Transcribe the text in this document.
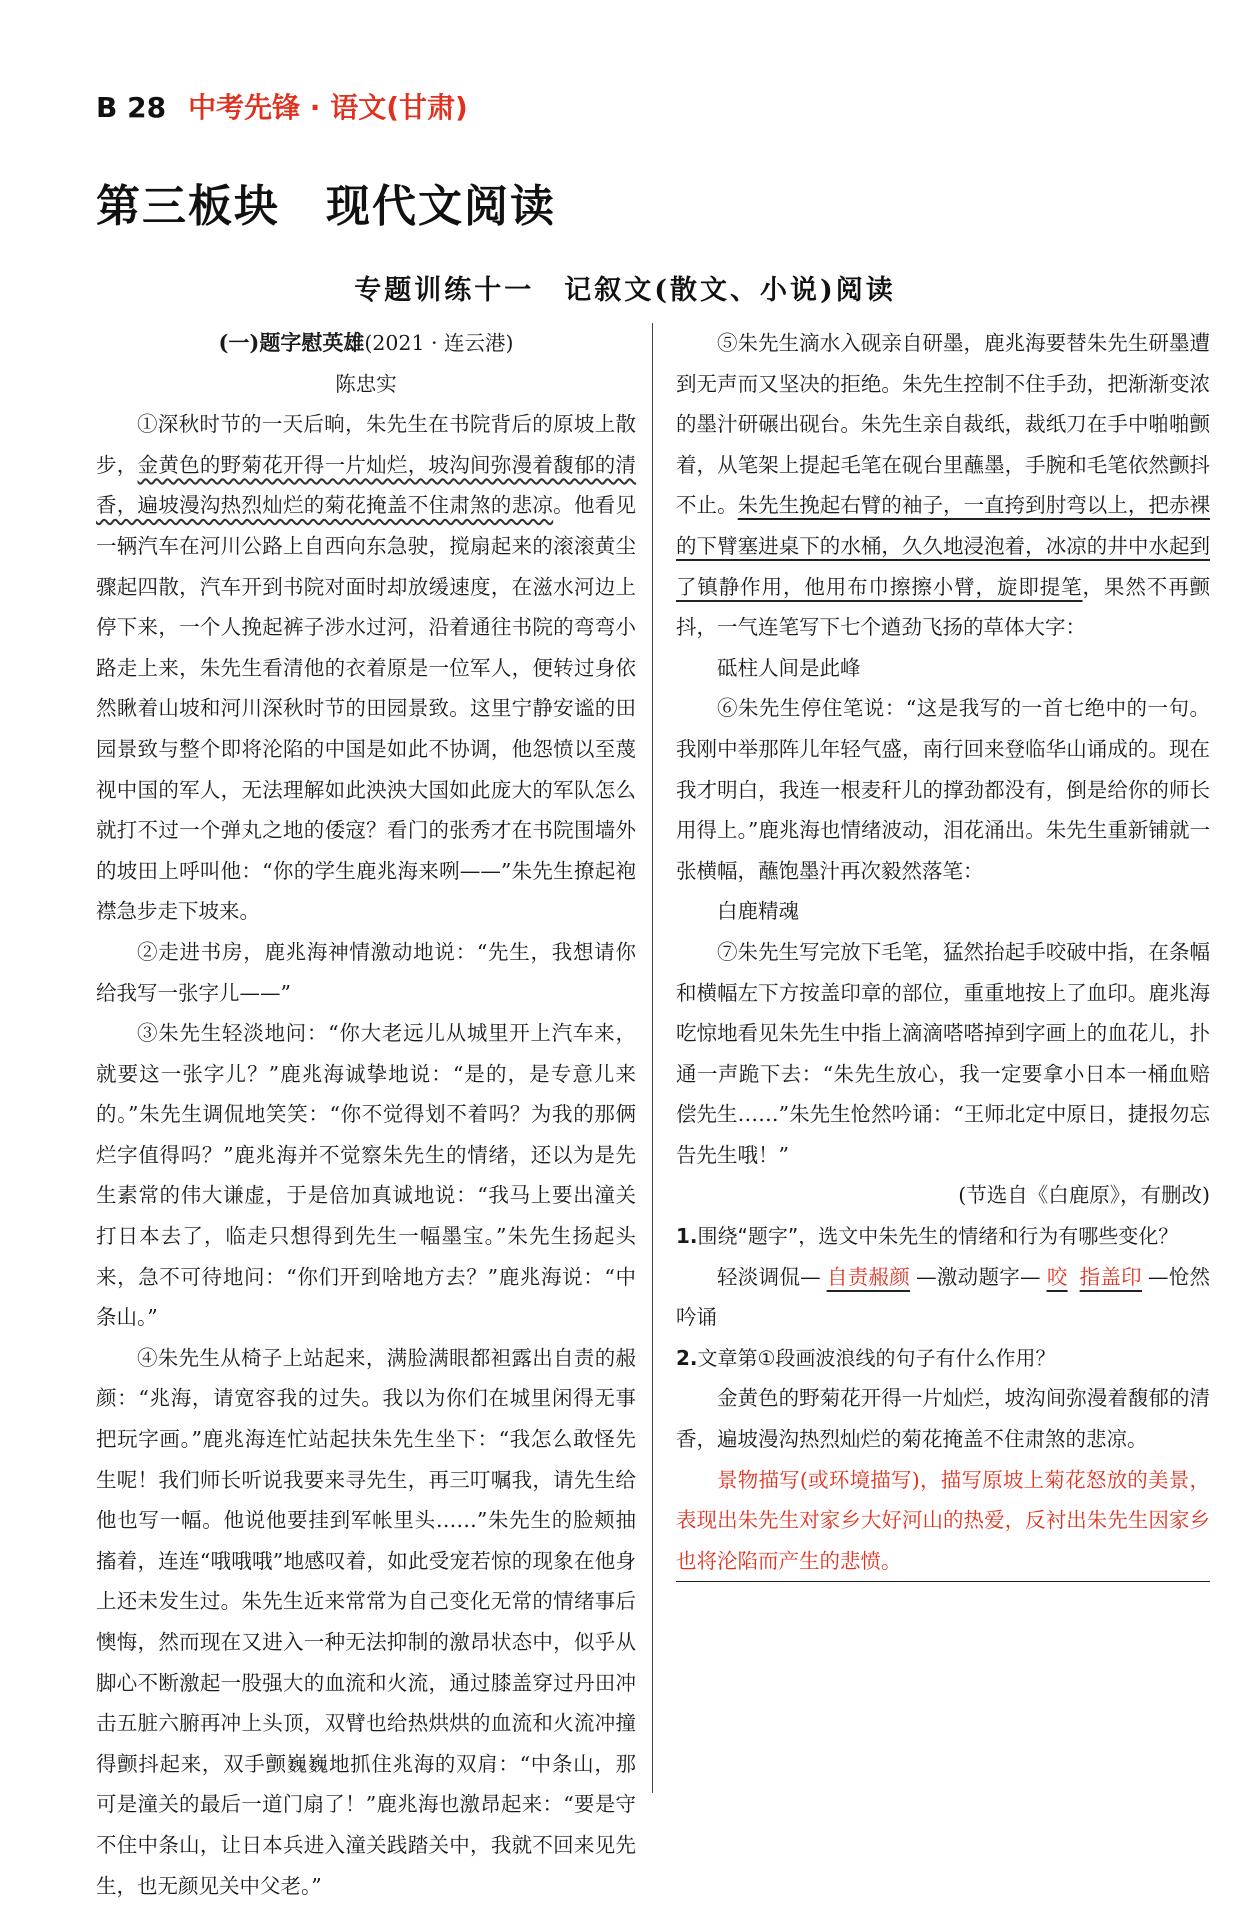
B 28 中考先锋 · 语文(甘肃)
第三板块　现代文阅读
专题训练十一　记叙文(散文、小说)阅读

(一)题字慰英雄(2021 · 连云港)

陈忠实

①深秋时节的一天后晌，朱先生在书院背后的原坡上散步，金黄色的野菊花开得一片灿烂，坡沟间弥漫着馥郁的清香，遍坡漫沟热烈灿烂的菊花掩盖不住肃煞的悲凉。他看见一辆汽车在河川公路上自西向东急驶，搅扇起来的滚滚黄尘骤起四散，汽车开到书院对面时却放缓速度，在滋水河边上停下来，一个人挽起裤子涉水过河，沿着通往书院的弯弯小路走上来，朱先生看清他的衣着原是一位军人，便转过身依然瞅着山坡和河川深秋时节的田园景致。这里宁静安谧的田园景致与整个即将沦陷的中国是如此不协调，他怨愤以至蔑视中国的军人，无法理解如此泱泱大国如此庞大的军队怎么就打不过一个弹丸之地的倭寇？看门的张秀才在书院围墙外的坡田上呼叫他：“你的学生鹿兆海来咧——”朱先生撩起袍襟急步走下坡来。

②走进书房，鹿兆海神情激动地说：“先生，我想请你给我写一张字儿——”

③朱先生轻淡地问：“你大老远儿从城里开上汽车来，就要这一张字儿？”鹿兆海诚挚地说：“是的，是专意儿来的。”朱先生调侃地笑笑：“你不觉得划不着吗？为我的那俩烂字值得吗？”鹿兆海并不觉察朱先生的情绪，还以为是先生素常的伟大谦虚，于是倍加真诚地说：“我马上要出潼关打日本去了，临走只想得到先生一幅墨宝。”朱先生扬起头来，急不可待地问：“你们开到啥地方去？”鹿兆海说：“中条山。”

④朱先生从椅子上站起来，满脸满眼都袒露出自责的赧颜：“兆海，请宽容我的过失。我以为你们在城里闲得无事把玩字画。”鹿兆海连忙站起扶朱先生坐下：“我怎么敢怪先生呢！我们师长听说我要来寻先生，再三叮嘱我，请先生给他也写一幅。他说他要挂到军帐里头……”朱先生的脸颊抽搐着，连连“哦哦哦”地感叹着，如此受宠若惊的现象在他身上还未发生过。朱先生近来常常为自己变化无常的情绪事后懊悔，然而现在又进入一种无法抑制的激昂状态中，似乎从脚心不断激起一股强大的血流和火流，通过膝盖穿过丹田冲击五脏六腑再冲上头顶，双臂也给热烘烘的血流和火流冲撞得颤抖起来，双手颤巍巍地抓住兆海的双肩：“中条山，那可是潼关的最后一道门扇了！”鹿兆海也激昂起来：“要是守不住中条山，让日本兵进入潼关践踏关中，我就不回来见先生，也无颜见关中父老。”

⑤朱先生滴水入砚亲自研墨，鹿兆海要替朱先生研墨遭到无声而又坚决的拒绝。朱先生控制不住手劲，把渐渐变浓的墨汁研碾出砚台。朱先生亲自裁纸，裁纸刀在手中啪啪颤着，从笔架上提起毛笔在砚台里蘸墨，手腕和毛笔依然颤抖不止。朱先生挽起右臂的袖子，一直挎到肘弯以上，把赤裸的下臂塞进桌下的水桶，久久地浸泡着，冰凉的井中水起到了镇静作用，他用布巾擦擦小臂，旋即提笔，果然不再颤抖，一气连笔写下七个遒劲飞扬的草体大字：

砥柱人间是此峰

⑥朱先生停住笔说：“这是我写的一首七绝中的一句。我刚中举那阵儿年轻气盛，南行回来登临华山诵成的。现在我才明白，我连一根麦秆儿的撑劲都没有，倒是给你的师长用得上。”鹿兆海也情绪波动，泪花涌出。朱先生重新铺就一张横幅，蘸饱墨汁再次毅然落笔：

白鹿精魂

⑦朱先生写完放下毛笔，猛然抬起手咬破中指，在条幅和横幅左下方按盖印章的部位，重重地按上了血印。鹿兆海吃惊地看见朱先生中指上滴滴嗒嗒掉到字画上的血花儿，扑通一声跪下去：“朱先生放心，我一定要拿小日本一桶血赔偿先生……”朱先生怆然吟诵：“王师北定中原日，捷报勿忘告先生哦！”

(节选自《白鹿原》，有删改)

1.围绕“题字”，选文中朱先生的情绪和行为有哪些变化？

轻淡调侃— 自责赧颜 —激动题字— 咬 指盖印 —怆然吟诵

2.文章第①段画波浪线的句子有什么作用？

金黄色的野菊花开得一片灿烂，坡沟间弥漫着馥郁的清香，遍坡漫沟热烈灿烂的菊花掩盖不住肃煞的悲凉。

景物描写(或环境描写)，描写原坡上菊花怒放的美景，表现出朱先生对家乡大好河山的热爱，反衬出朱先生因家乡也将沦陷而产生的悲愤。
